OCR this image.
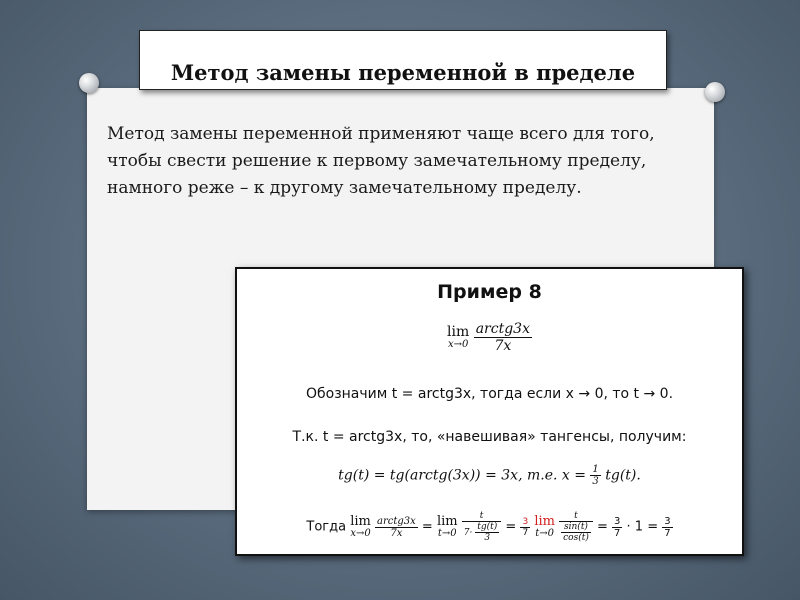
Метод замены переменной в пределе

Метод замены переменной применяют чаще всего для того, чтобы свести решение к первому замечательному пределу, намного реже – к другому замечательному пределу.

Пример 8
lim
x→0
$\frac{\text{arctg3x}}{7x}$
Обозначим t = arctg3x, тогда если x → 0, то t → 0.
Т.к. t = arctg3x, то, «навешивая» тангенсы, получим:
tg(t) = tg(arctg(3x)) = 3x, т.е. $x = \frac{1}{3} tg(t)$.
Тогда lim
x→0
$\frac{\text{arctg3x}}{7x} = \lim$
t→0
$\frac{t}{7\cdot \frac{tg(t)}{3}} = \frac{3}{7}$
lim
t→0
$\frac{t}{\frac{\sin(t)}{\cos(t)}} = \frac{3}{7} \cdot 1 = \frac{3}{7}$
